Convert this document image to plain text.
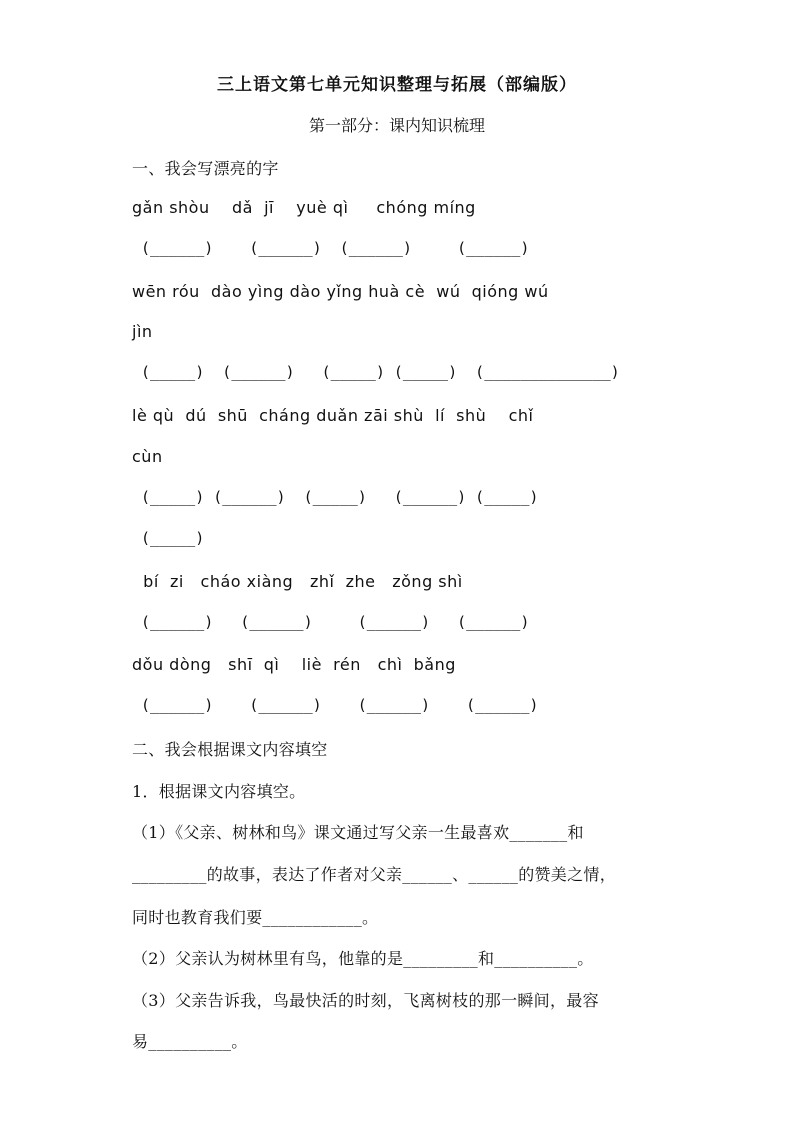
三上语文第七单元知识整理与拓展（部编版）
第一部分：课内知识梳理
一、我会写漂亮的字
gǎn shòu    dǎ  jī    yuè qì     chóng míng
(______)    (______)  (______)     (______)
wēn róu  dào yìng dào yǐng huà cè  wú  qióng wú
jìn
(_____)  (______)   (_____) (_____)  (______________)
lè qù  dú  shū  cháng duǎn zāi shù  lí  shù    chǐ
cùn
(_____) (______)  (_____)   (______) (_____)
(_____)
bí  zi   cháo xiàng   zhǐ  zhe   zǒng shì
(______)   (______)     (______)   (______)
dǒu dòng   shī  qì    liè  rén   chì  bǎng
(______)    (______)    (______)    (______)
二、我会根据课文内容填空
1．根据课文内容填空。
（1）《父亲、树林和鸟》课文通过写父亲一生最喜欢_______和
_________的故事，表达了作者对父亲______、______的赞美之情，
同时也教育我们要____________。
（2）父亲认为树林里有鸟，他靠的是_________和__________。
（3）父亲告诉我，鸟最快活的时刻，飞离树枝的那一瞬间，最容
易__________。
